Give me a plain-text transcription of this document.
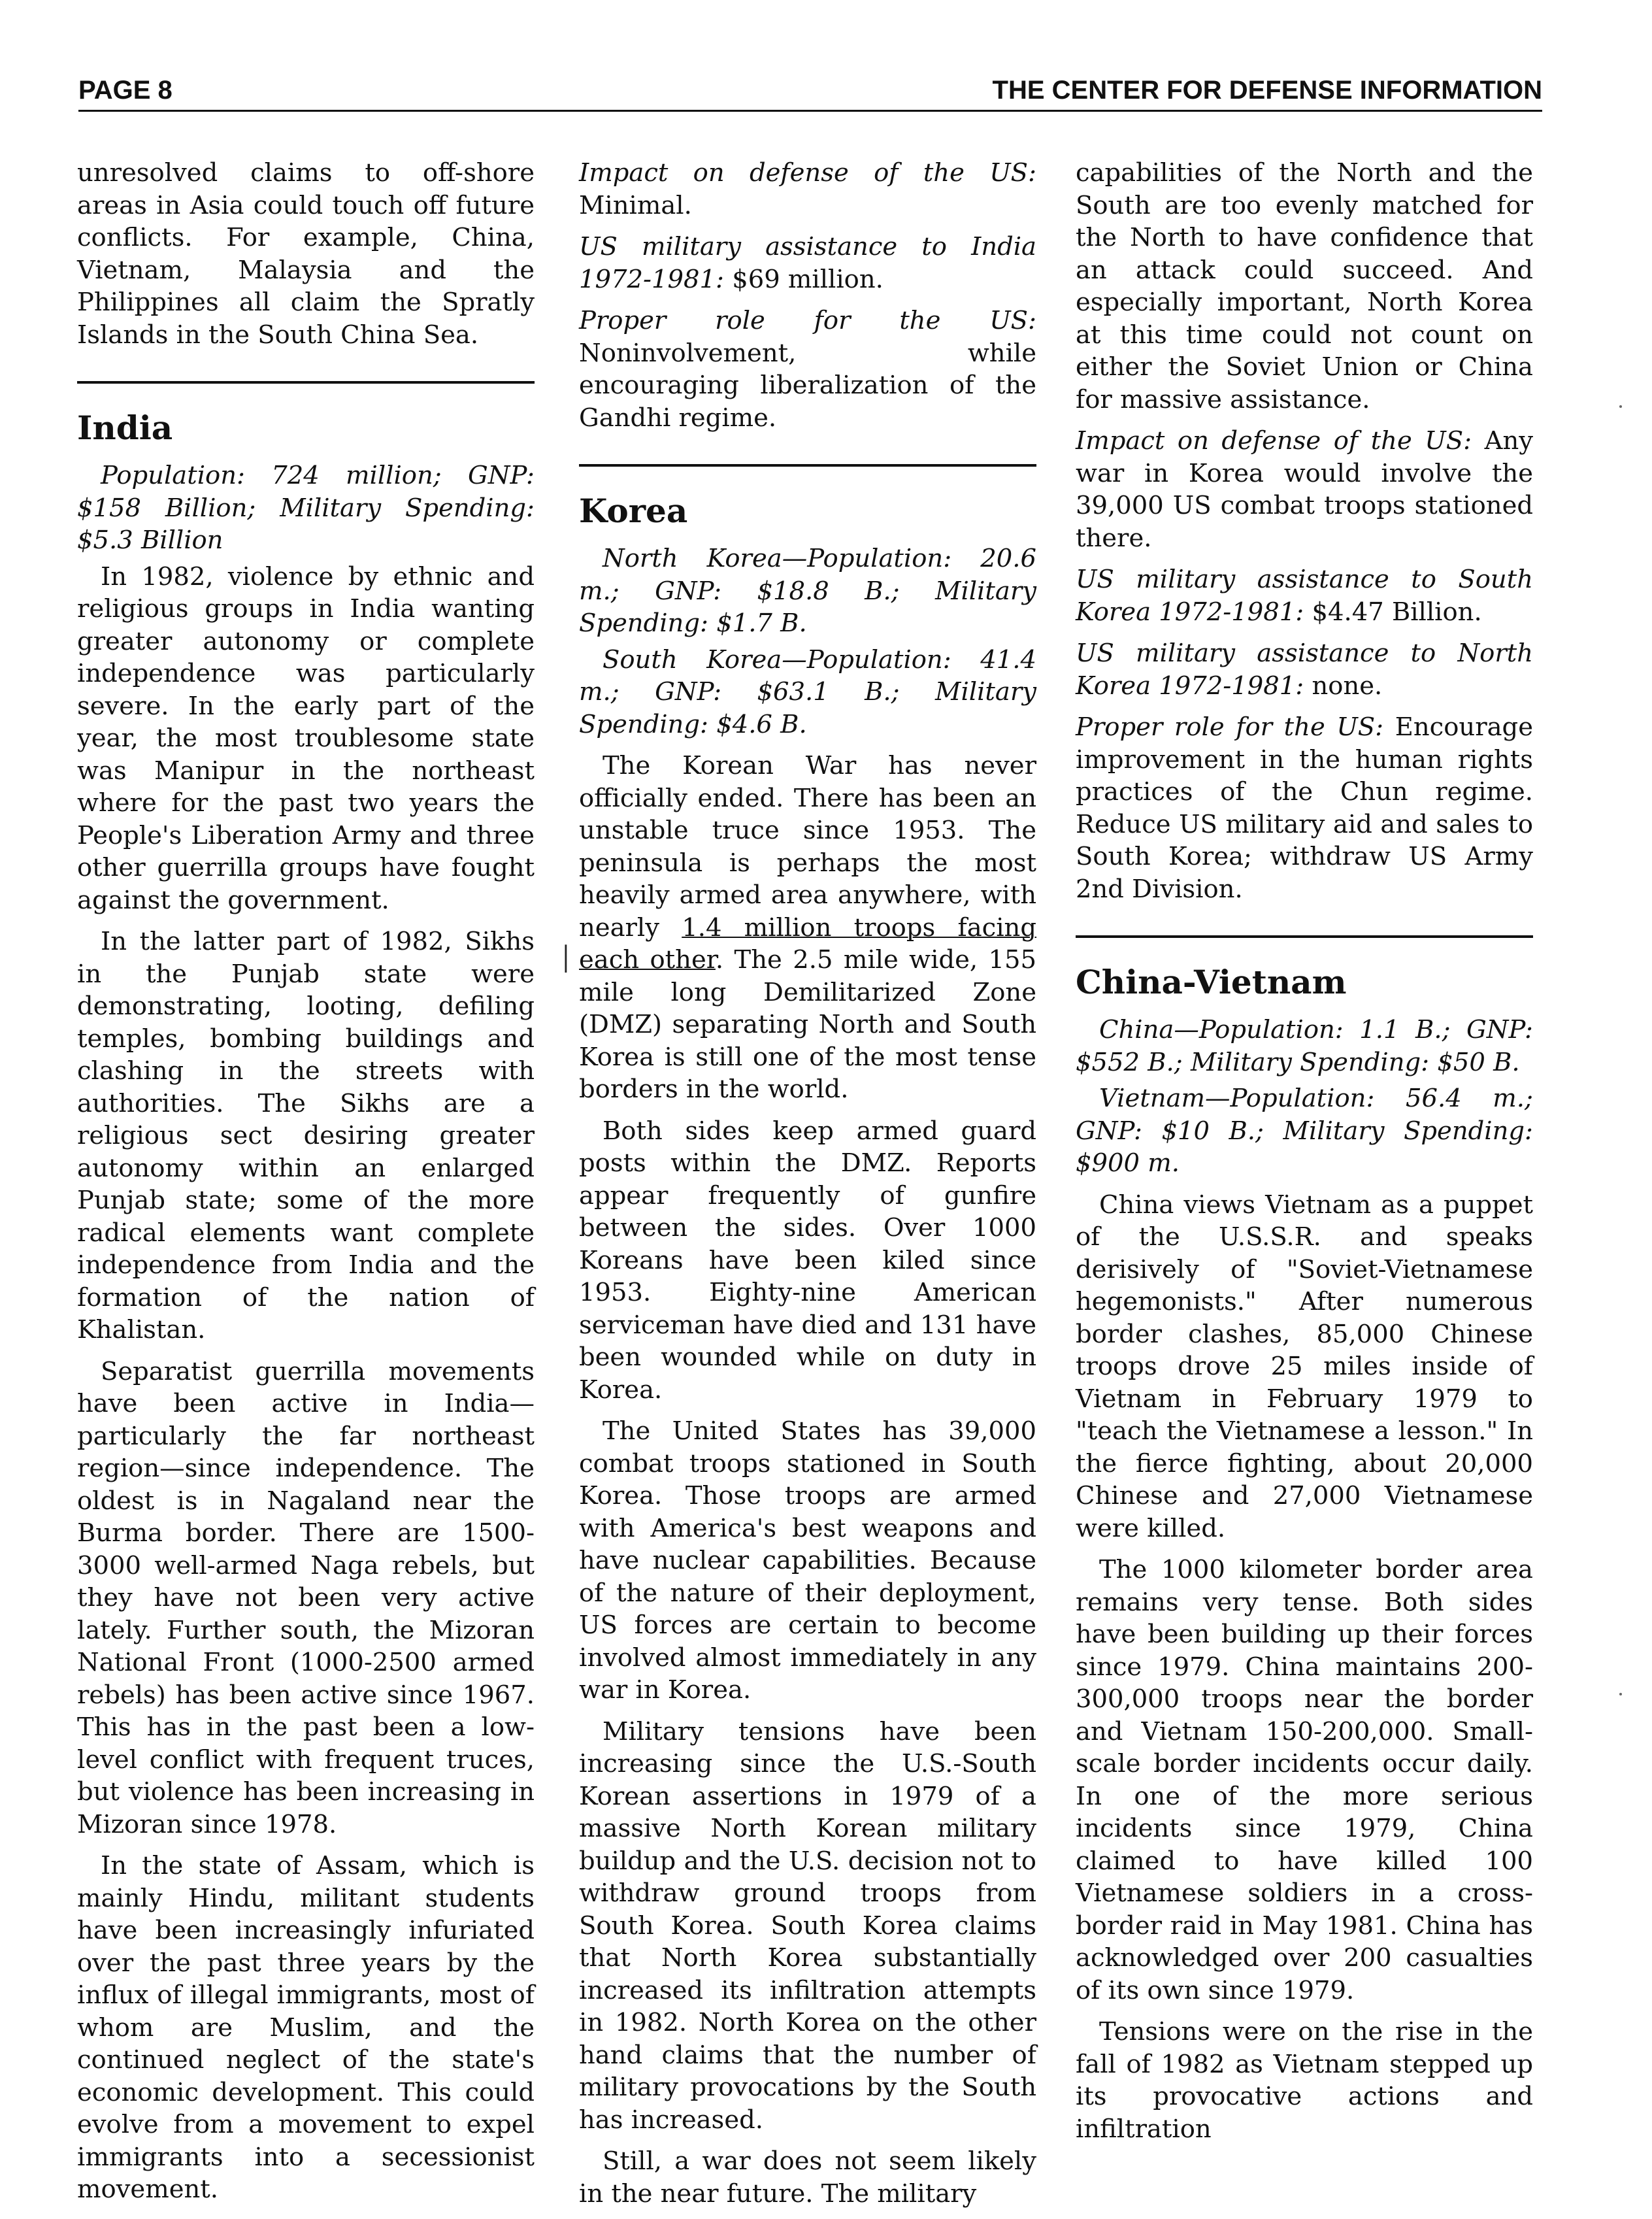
PAGE 8	THE CENTER FOR DEFENSE INFORMATION

unresolved claims to off-shore areas in Asia could touch off future conflicts. For example, China, Vietnam, Malaysia and the Philippines all claim the Spratly Islands in the South China Sea.

India

Population: 724 million; GNP: $158 Billion; Military Spending: $5.3 Billion

In 1982, violence by ethnic and religious groups in India wanting greater autonomy or complete independence was particularly severe. In the early part of the year, the most troublesome state was Manipur in the northeast where for the past two years the People's Liberation Army and three other guerrilla groups have fought against the government.

In the latter part of 1982, Sikhs in the Punjab state were demonstrating, looting, defiling temples, bombing buildings and clashing in the streets with authorities. The Sikhs are a religious sect desiring greater autonomy within an enlarged Punjab state; some of the more radical elements want complete independence from India and the formation of the nation of Khalistan.

Separatist guerrilla movements have been active in India—particularly the far northeast region—since independence. The oldest is in Nagaland near the Burma border. There are 1500-3000 well-armed Naga rebels, but they have not been very active lately. Further south, the Mizoran National Front (1000-2500 armed rebels) has been active since 1967. This has in the past been a low-level conflict with frequent truces, but violence has been increasing in Mizoran since 1978.

In the state of Assam, which is mainly Hindu, militant students have been increasingly infuriated over the past three years by the influx of illegal immigrants, most of whom are Muslim, and the continued neglect of the state's economic development. This could evolve from a movement to expel immigrants into a secessionist movement.

Impact on defense of the US: Minimal.

US military assistance to India 1972-1981: $69 million.

Proper role for the US: Noninvolvement, while encouraging liberalization of the Gandhi regime.

Korea

North Korea—Population: 20.6 m.; GNP: $18.8 B.; Military Spending: $1.7 B.

South Korea—Population: 41.4 m.; GNP: $63.1 B.; Military Spending: $4.6 B.

The Korean War has never officially ended. There has been an unstable truce since 1953. The peninsula is perhaps the most heavily armed area anywhere, with nearly 1.4 million troops facing each other. The 2.5 mile wide, 155 mile long Demilitarized Zone (DMZ) separating North and South Korea is still one of the most tense borders in the world.

Both sides keep armed guard posts within the DMZ. Reports appear frequently of gunfire between the sides. Over 1000 Koreans have been kiled since 1953. Eighty-nine American serviceman have died and 131 have been wounded while on duty in Korea.

The United States has 39,000 combat troops stationed in South Korea. Those troops are armed with America's best weapons and have nuclear capabilities. Because of the nature of their deployment, US forces are certain to become involved almost immediately in any war in Korea.

Military tensions have been increasing since the U.S.-South Korean assertions in 1979 of a massive North Korean military buildup and the U.S. decision not to withdraw ground troops from South Korea. South Korea claims that North Korea substantially increased its infiltration attempts in 1982. North Korea on the other hand claims that the number of military provocations by the South has increased.

Still, a war does not seem likely in the near future. The military

capabilities of the North and the South are too evenly matched for the North to have confidence that an attack could succeed. And especially important, North Korea at this time could not count on either the Soviet Union or China for massive assistance.

Impact on defense of the US: Any war in Korea would involve the 39,000 US combat troops stationed there.

US military assistance to South Korea 1972-1981: $4.47 Billion.

US military assistance to North Korea 1972-1981: none.

Proper role for the US: Encourage improvement in the human rights practices of the Chun regime. Reduce US military aid and sales to South Korea; withdraw US Army 2nd Division.

China-Vietnam

China—Population: 1.1 B.; GNP: $552 B.; Military Spending: $50 B.

Vietnam—Population: 56.4 m.; GNP: $10 B.; Military Spending: $900 m.

China views Vietnam as a puppet of the U.S.S.R. and speaks derisively of "Soviet-Vietnamese hegemonists." After numerous border clashes, 85,000 Chinese troops drove 25 miles inside of Vietnam in February 1979 to "teach the Vietnamese a lesson." In the fierce fighting, about 20,000 Chinese and 27,000 Vietnamese were killed.

The 1000 kilometer border area remains very tense. Both sides have been building up their forces since 1979. China maintains 200-300,000 troops near the border and Vietnam 150-200,000. Small-scale border incidents occur daily. In one of the more serious incidents since 1979, China claimed to have killed 100 Vietnamese soldiers in a cross-border raid in May 1981. China has acknowledged over 200 casualties of its own since 1979.

Tensions were on the rise in the fall of 1982 as Vietnam stepped up its provocative actions and infiltration

│
